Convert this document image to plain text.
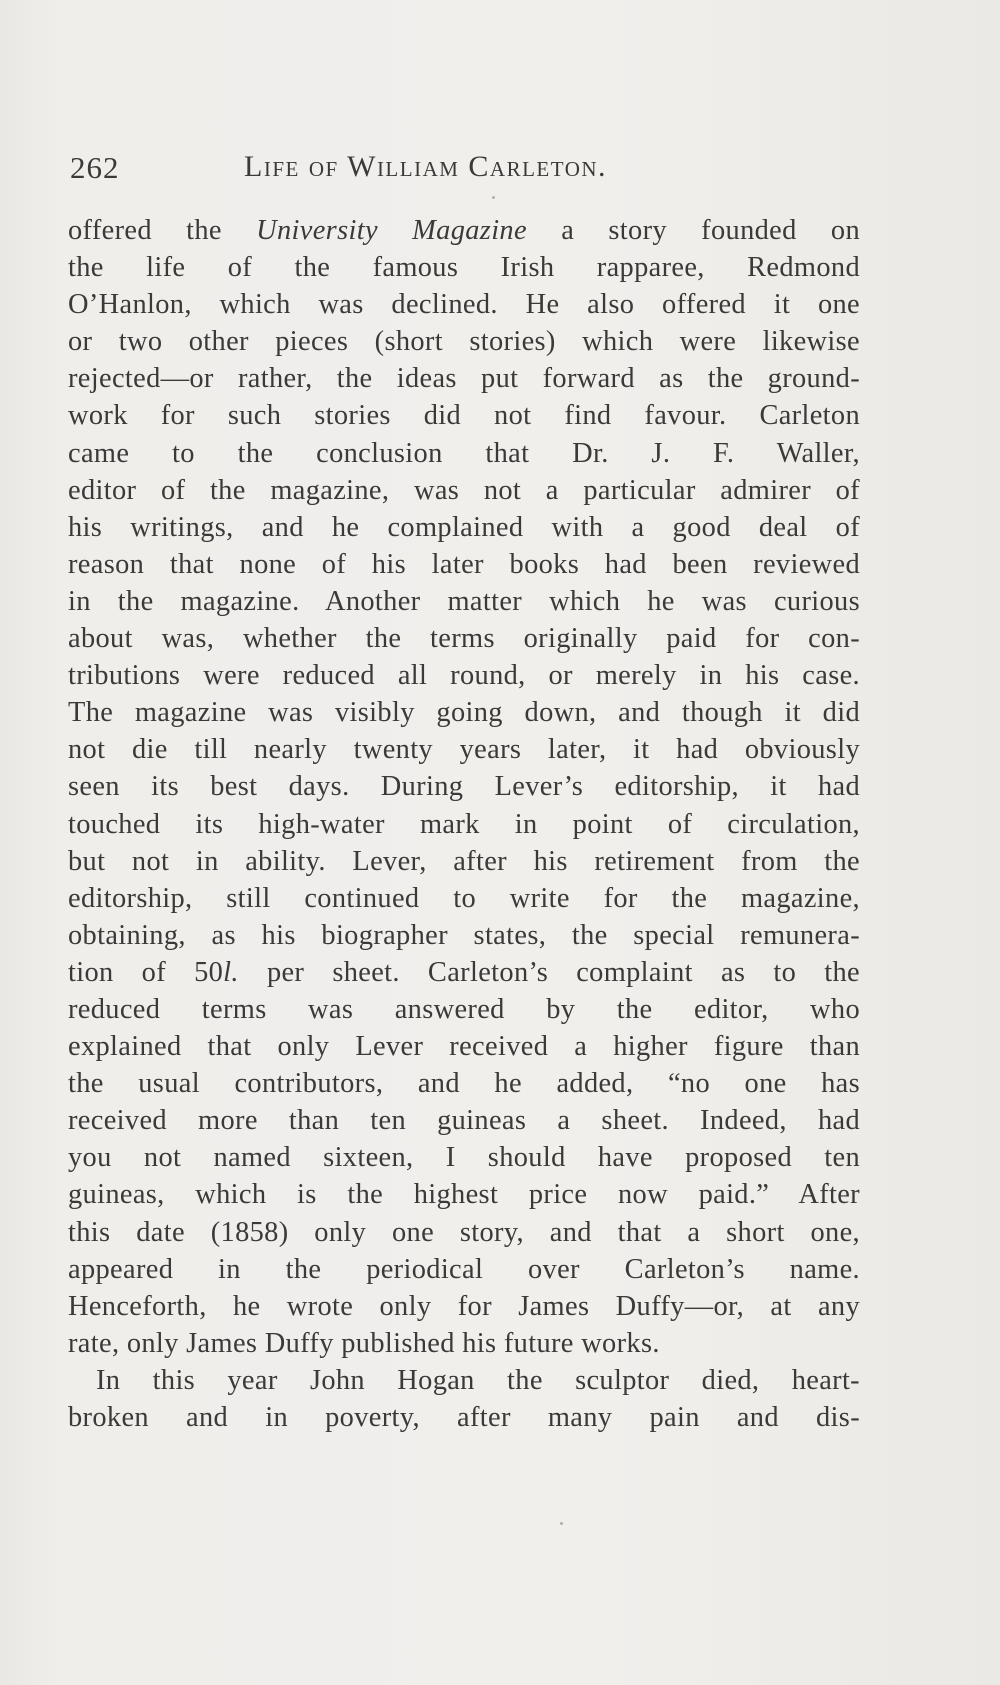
262	Life of William Carleton.

offered the University Magazine a story founded on
the life of the famous Irish rapparee, Redmond
O’Hanlon, which was declined. He also offered it one
or two other pieces (short stories) which were likewise
rejected—or rather, the ideas put forward as the ground-
work for such stories did not find favour. Carleton
came to the conclusion that Dr. J. F. Waller,
editor of the magazine, was not a particular admirer of
his writings, and he complained with a good deal of
reason that none of his later books had been reviewed
in the magazine. Another matter which he was curious
about was, whether the terms originally paid for con-
tributions were reduced all round, or merely in his case.
The magazine was visibly going down, and though it did
not die till nearly twenty years later, it had obviously
seen its best days. During Lever’s editorship, it had
touched its high-water mark in point of circulation,
but not in ability. Lever, after his retirement from the
editorship, still continued to write for the magazine,
obtaining, as his biographer states, the special remunera-
tion of 50l. per sheet. Carleton’s complaint as to the
reduced terms was answered by the editor, who
explained that only Lever received a higher figure than
the usual contributors, and he added, “no one has
received more than ten guineas a sheet. Indeed, had
you not named sixteen, I should have proposed ten
guineas, which is the highest price now paid.” After
this date (1858) only one story, and that a short one,
appeared in the periodical over Carleton’s name.
Henceforth, he wrote only for James Duffy—or, at any
rate, only James Duffy published his future works.

In this year John Hogan the sculptor died, heart-
broken and in poverty, after many pain and dis-
